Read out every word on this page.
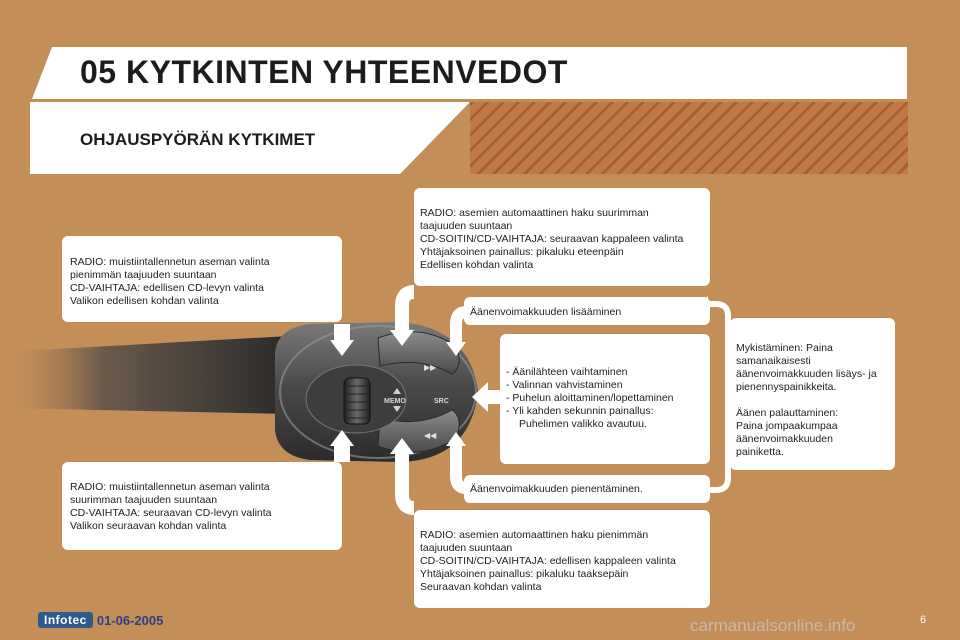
05 KYTKINTEN YHTEENVEDOT
OHJAUSPYÖRÄN KYTKIMET
MEMO	SRC
▶▶
◀◀
RADIO: muistiintallennetun aseman valinta
pienimmän taajuuden suuntaan
CD-VAIHTAJA: edellisen CD-levyn valinta
Valikon edellisen kohdan valinta
RADIO: muistiintallennetun aseman valinta
suurimman taajuuden suuntaan
CD-VAIHTAJA: seuraavan CD-levyn valinta
Valikon seuraavan kohdan valinta
RADIO: asemien automaattinen haku suurimman
taajuuden suuntaan
CD-SOITIN/CD-VAIHTAJA: seuraavan kappaleen valinta
Yhtäjaksoinen painallus: pikaluku eteenpäin
Edellisen kohdan valinta
RADIO: asemien automaattinen haku pienimmän
taajuuden suuntaan
CD-SOITIN/CD-VAIHTAJA: edellisen kappaleen valinta
Yhtäjaksoinen painallus: pikaluku taaksepäin
Seuraavan kohdan valinta
Äänenvoimakkuuden lisääminen
Äänenvoimakkuuden pienentäminen.
- Äänilähteen vaihtaminen
- Valinnan vahvistaminen
- Puhelun aloittaminen/lopettaminen
- Yli kahden sekunnin painallus:
Puhelimen valikko avautuu.
Mykistäminen: Paina
samanaikaisesti
äänenvoimakkuuden lisäys- ja
pienennyspainikkeita.
Äänen palauttaminen:
Paina jompaakumpaa
äänenvoimakkuuden
painiketta.
Infotec 01-06-2005	carmanualsonline.info	6
